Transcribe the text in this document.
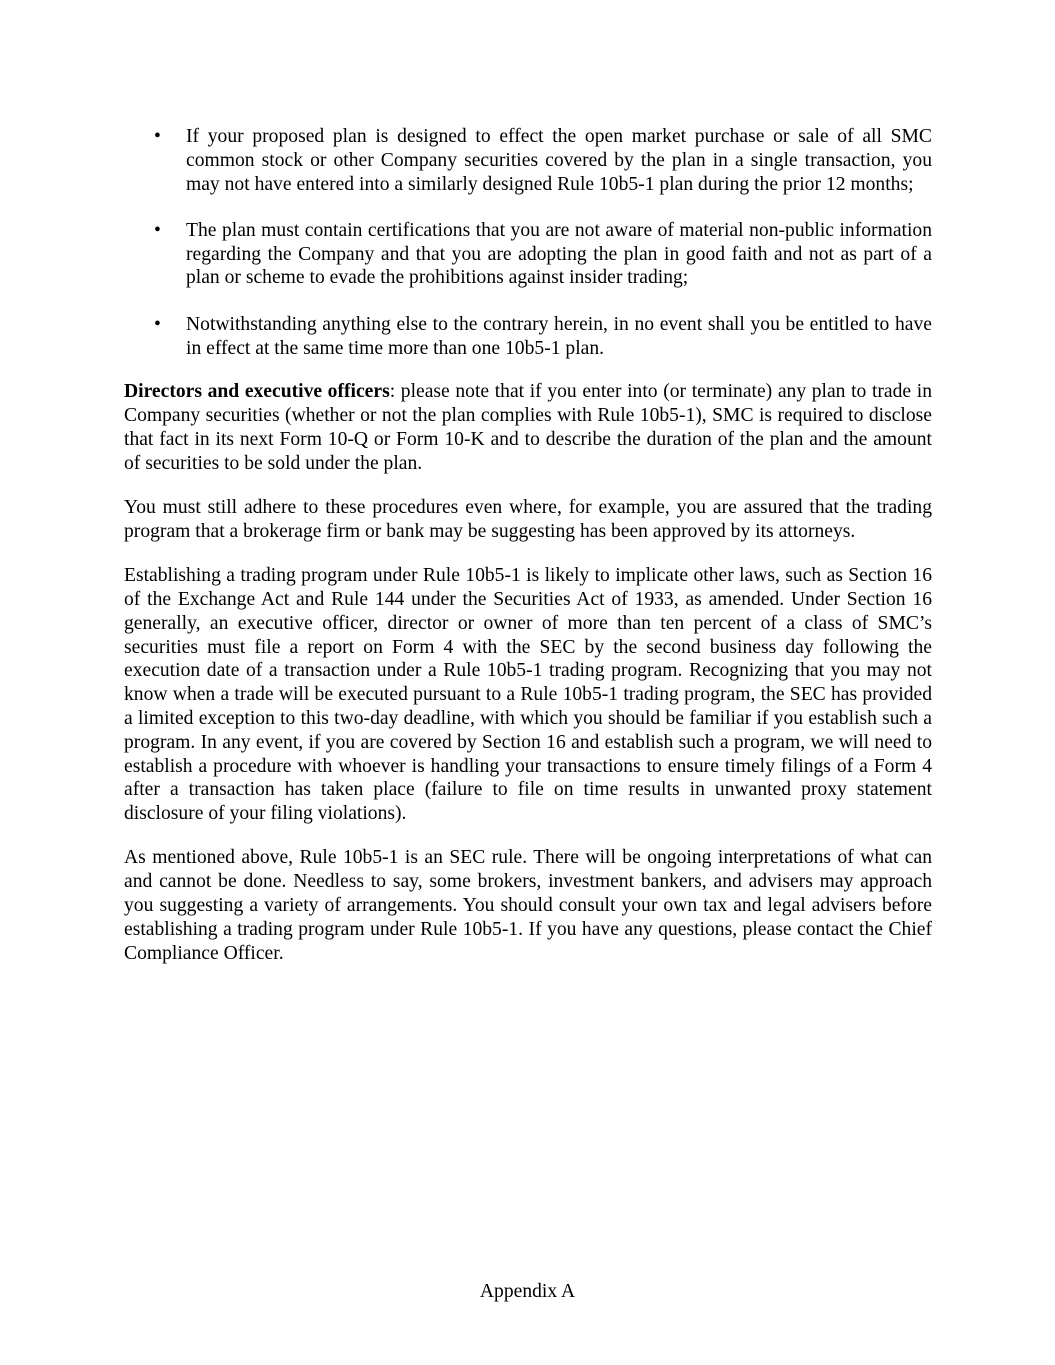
• If your proposed plan is designed to effect the open market purchase or sale of all SMC common stock or other Company securities covered by the plan in a single transaction, you may not have entered into a similarly designed Rule 10b5-1 plan during the prior 12 months;
• The plan must contain certifications that you are not aware of material non-public information regarding the Company and that you are adopting the plan in good faith and not as part of a plan or scheme to evade the prohibitions against insider trading;
• Notwithstanding anything else to the contrary herein, in no event shall you be entitled to have in effect at the same time more than one 10b5-1 plan.

Directors and executive officers: please note that if you enter into (or terminate) any plan to trade in Company securities (whether or not the plan complies with Rule 10b5-1), SMC is required to disclose that fact in its next Form 10-Q or Form 10-K and to describe the duration of the plan and the amount of securities to be sold under the plan.

You must still adhere to these procedures even where, for example, you are assured that the trading program that a brokerage firm or bank may be suggesting has been approved by its attorneys.

Establishing a trading program under Rule 10b5-1 is likely to implicate other laws, such as Section 16 of the Exchange Act and Rule 144 under the Securities Act of 1933, as amended. Under Section 16 generally, an executive officer, director or owner of more than ten percent of a class of SMC’s securities must file a report on Form 4 with the SEC by the second business day following the execution date of a transaction under a Rule 10b5-1 trading program. Recognizing that you may not know when a trade will be executed pursuant to a Rule 10b5-1 trading program, the SEC has provided a limited exception to this two-day deadline, with which you should be familiar if you establish such a program. In any event, if you are covered by Section 16 and establish such a program, we will need to establish a procedure with whoever is handling your transactions to ensure timely filings of a Form 4 after a transaction has taken place (failure to file on time results in unwanted proxy statement disclosure of your filing violations).

As mentioned above, Rule 10b5-1 is an SEC rule. There will be ongoing interpretations of what can and cannot be done. Needless to say, some brokers, investment bankers, and advisers may approach you suggesting a variety of arrangements. You should consult your own tax and legal advisers before establishing a trading program under Rule 10b5-1. If you have any questions, please contact the Chief Compliance Officer.

Appendix A
